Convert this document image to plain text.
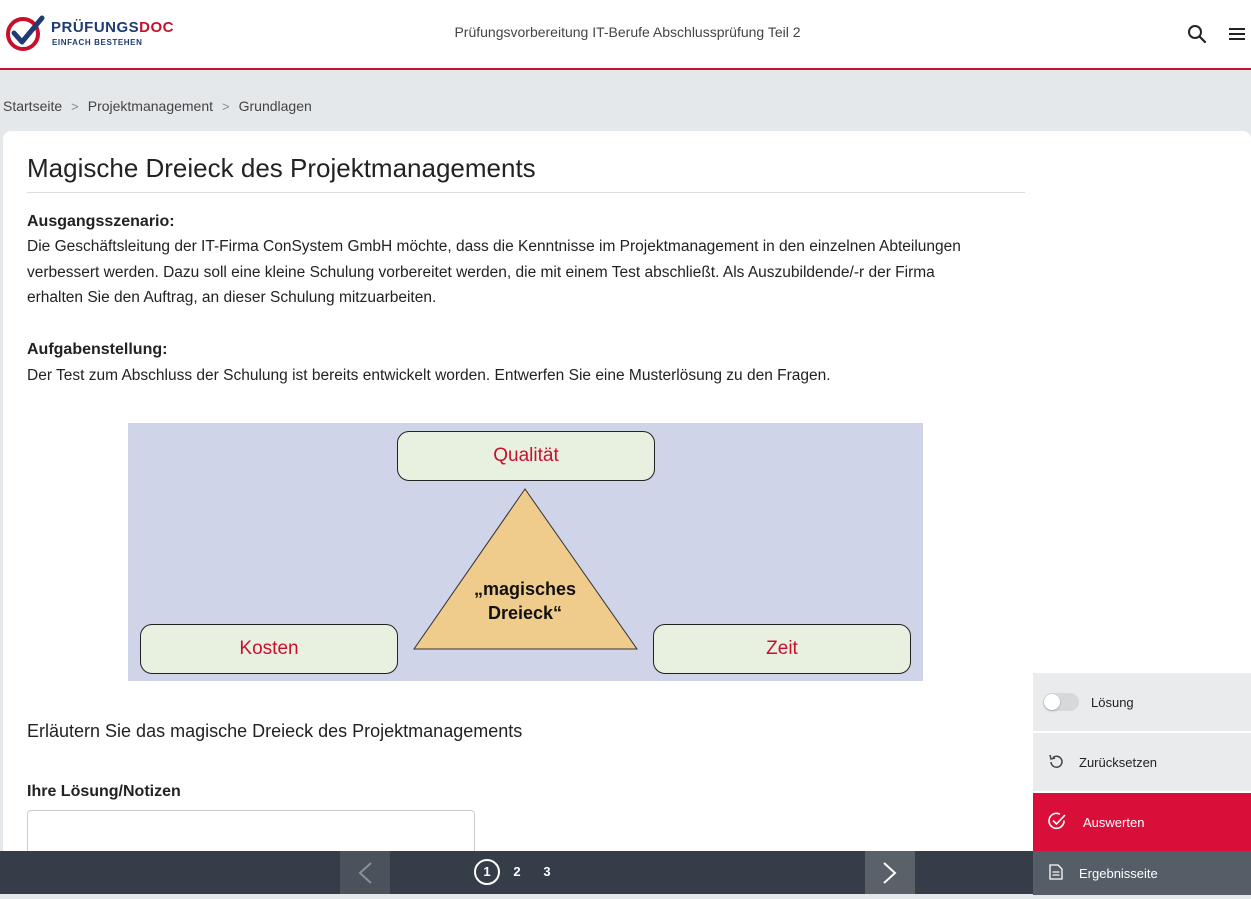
PRÜFUNGSDOC
EINFACH BESTEHEN
Prüfungsvorbereitung IT-Berufe Abschlussprüfung Teil 2
Startseite > Projektmanagement > Grundlagen
Magische Dreieck des Projektmanagements
Ausgangsszenario:

Die Geschäftsleitung der IT-Firma ConSystem GmbH möchte, dass die Kenntnisse im Projektmanagement in den einzelnen Abteilungen verbessert werden. Dazu soll eine kleine Schulung vorbereitet werden, die mit einem Test abschließt. Als Auszubildende/-r der Firma erhalten Sie den Auftrag, an dieser Schulung mitzuarbeiten.

Aufgabenstellung:

Der Test zum Abschluss der Schulung ist bereits entwickelt worden. Entwerfen Sie eine Musterlösung zu den Fragen.

Qualität
Kosten	Zeit
„magisches
Dreieck“
Erläutern Sie das magische Dreieck des Projektmanagements
Ihre Lösung/Notizen
Lösung
Zurücksetzen
Auswerten
Ergebnisseite
1	2	3
